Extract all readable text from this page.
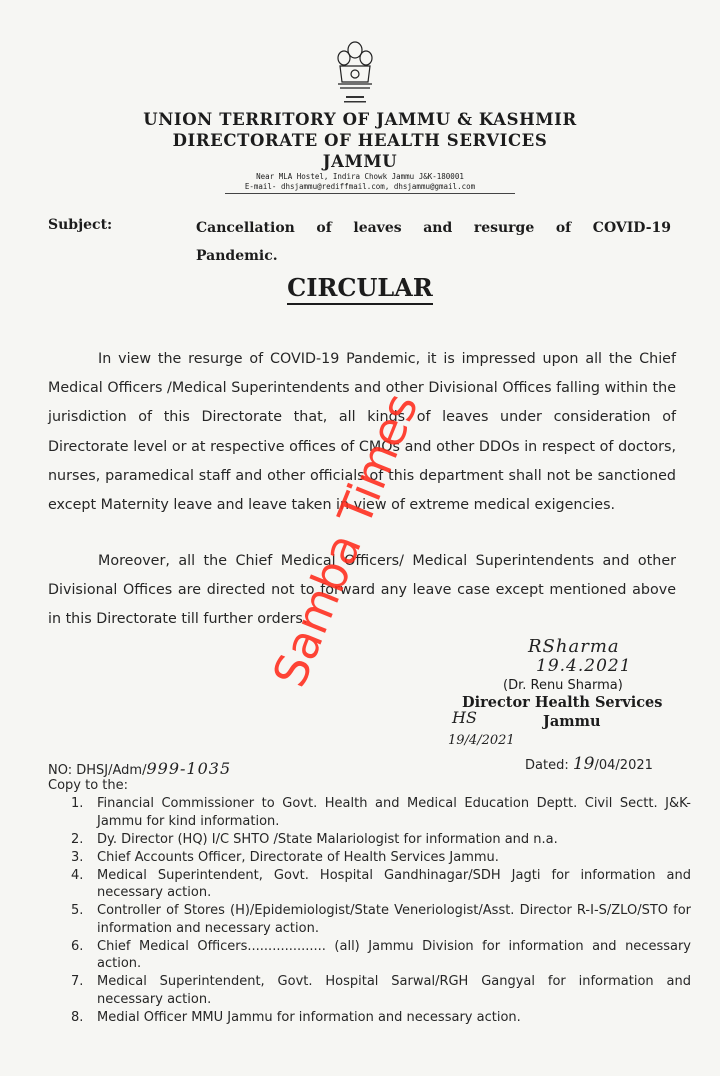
UNION TERRITORY OF JAMMU & KASHMIR
DIRECTORATE OF HEALTH SERVICES
JAMMU
Near MLA Hostel, Indira Chowk Jammu J&K-180001
E-mail- dhsjammu@rediffmail.com, dhsjammu@gmail.com
Subject:	Cancellation of leaves and resurge of COVID-19 Pandemic.
CIRCULAR
In view the resurge of COVID-19 Pandemic, it is impressed upon all the Chief Medical Officers /Medical Superintendents and other Divisional Offices falling within the jurisdiction of this Directorate that, all kinds of leaves under consideration of Directorate level or at respective offices of CMOs and other DDOs in respect of doctors, nurses, paramedical staff and other officials of this department shall not be sanctioned except Maternity leave and leave taken in view of extreme medical exigencies.
Moreover, all the Chief Medical Officers/ Medical Superintendents and other Divisional Offices are directed not to forward any leave case except mentioned above in this Directorate till further orders.
RSharma
19.4.2021
(Dr. Renu Sharma)
Director Health Services
Jammu
HS
19/4/2021
NO: DHSJ/Adm/999-1035	Dated: 19/04/2021
Copy to the:
1. Financial Commissioner to Govt. Health and Medical Education Deptt. Civil Sectt. J&K- Jammu for kind information.
2. Dy. Director (HQ) I/C SHTO /State Malariologist for information and n.a.
3. Chief Accounts Officer, Directorate of Health Services Jammu.
4. Medical Superintendent, Govt. Hospital Gandhinagar/SDH Jagti for information and necessary action.
5. Controller of Stores (H)/Epidemiologist/State Veneriologist/Asst. Director R-I-S/ZLO/STO for information and necessary action.
6. Chief Medical Officers................... (all) Jammu Division for information and necessary action.
7. Medical Superintendent, Govt. Hospital Sarwal/RGH Gangyal for information and necessary action.
8. Medial Officer MMU Jammu for information and necessary action.
Samba Times
